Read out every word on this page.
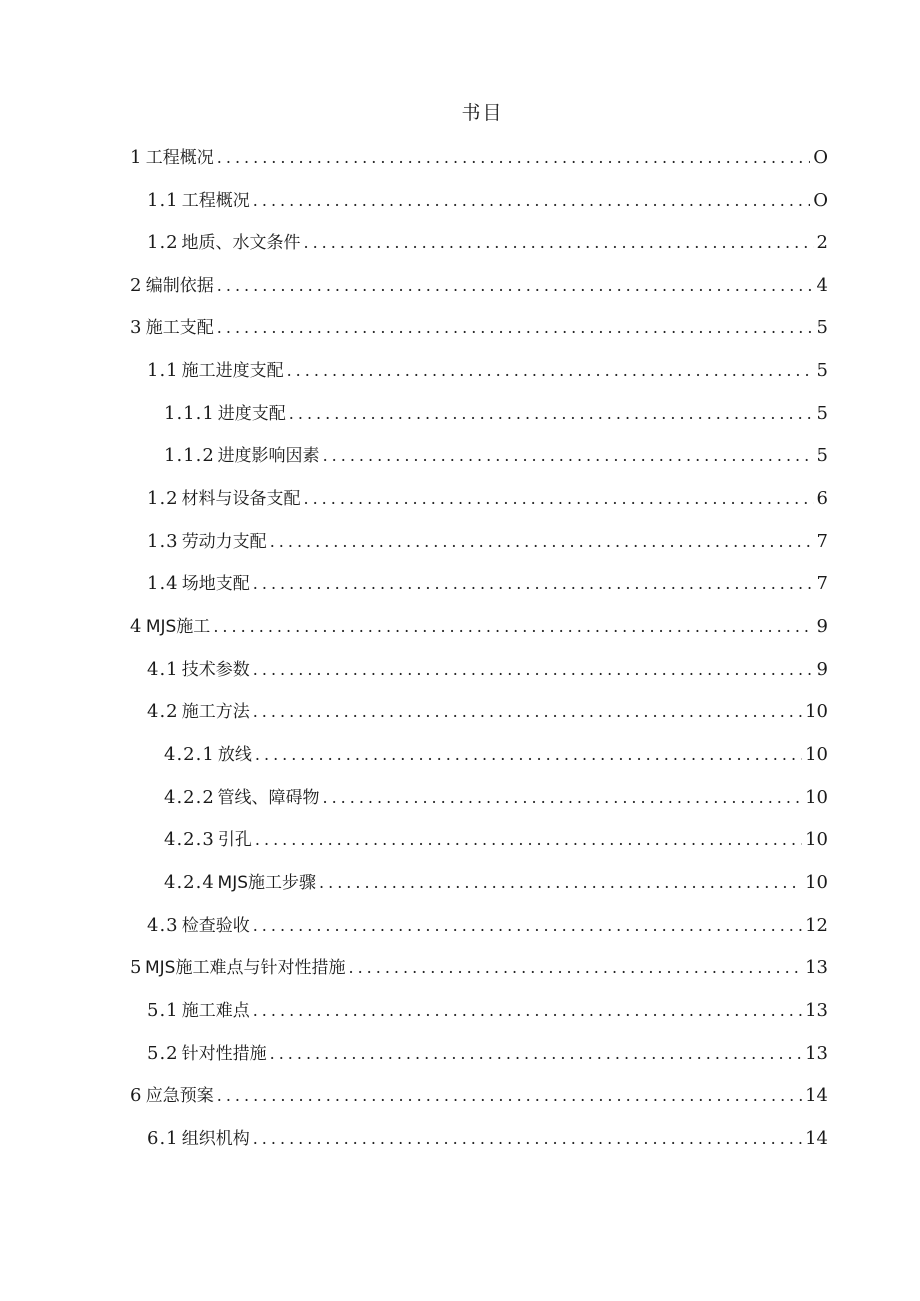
书目
1 工程概况 .....	O
1.1 工程概况 .....	O
1.2 地质、水文条件 .....	2
2 编制依据 .....	4
3 施工支配 .....	5
1.1 施工进度支配 .....	5
1.1.1 进度支配 .....	5
1.1.2 进度影响因素 .....	5
1.2 材料与设备支配 .....	6
1.3 劳动力支配 .....	7
1.4 场地支配 .....	7
4 MJS施工 .....	9
4.1 技术参数 .....	9
4.2 施工方法 .....	10
4.2.1 放线 .....	10
4.2.2 管线、障碍物 .....	10
4.2.3 引孔 .....	10
4.2.4 MJS施工步骤 .....	10
4.3 检查验收 .....	12
5 MJS施工难点与针对性措施 .....	13
5.1 施工难点 .....	13
5.2 针对性措施 .....	13
6 应急预案 .....	14
6.1 组织机构 .....	14
